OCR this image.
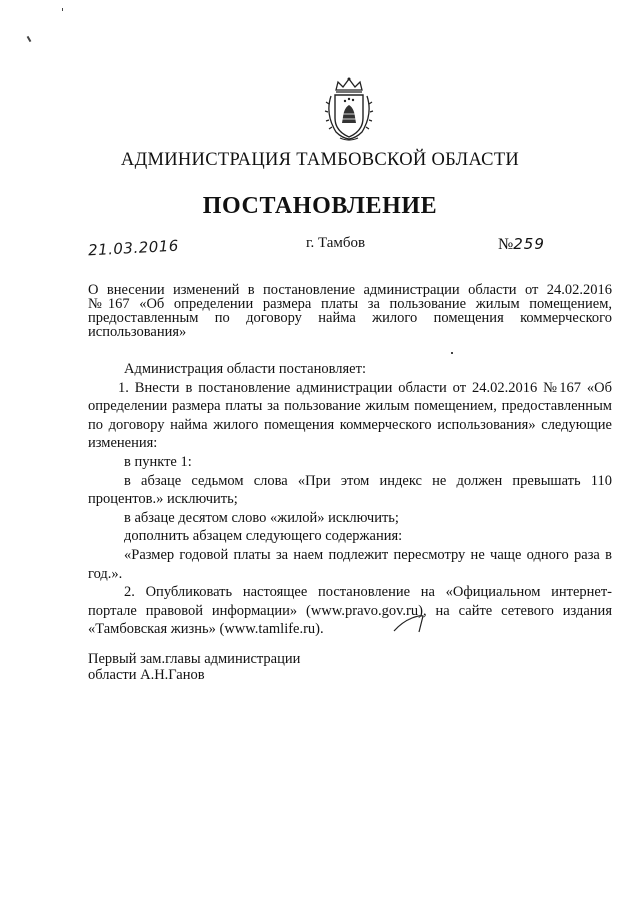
АДМИНИСТРАЦИЯ ТАМБОВСКОЙ ОБЛАСТИ
ПОСТАНОВЛЕНИЕ
21.03.2016	г. Тамбов	№259
О внесении изменений в постановление администрации области от 24.02.2016 №167 «Об определении размера платы за пользование жилым помещением, предоставленным по договору найма жилого помещения коммерческого использования»

Администрация области постановляет:

1. Внести в постановление администрации области от 24.02.2016 №167 «Об определении размера платы за пользование жилым помещением, предоставленным по договору найма жилого помещения коммерческого использования» следующие изменения:

в пункте 1:

в абзаце седьмом слова «При этом индекс не должен превышать 110 процентов.» исключить;

в абзаце десятом слово «жилой» исключить;

дополнить абзацем следующего содержания:

«Размер годовой платы за наем подлежит пересмотру не чаще одного раза в год.».

2. Опубликовать настоящее постановление на «Официальном интернет-портале правовой информации» (www.pravo.gov.ru), на сайте сетевого издания «Тамбовская жизнь» (www.tamlife.ru).

Первый зам.главы администрации
области А.Н.Ганов
